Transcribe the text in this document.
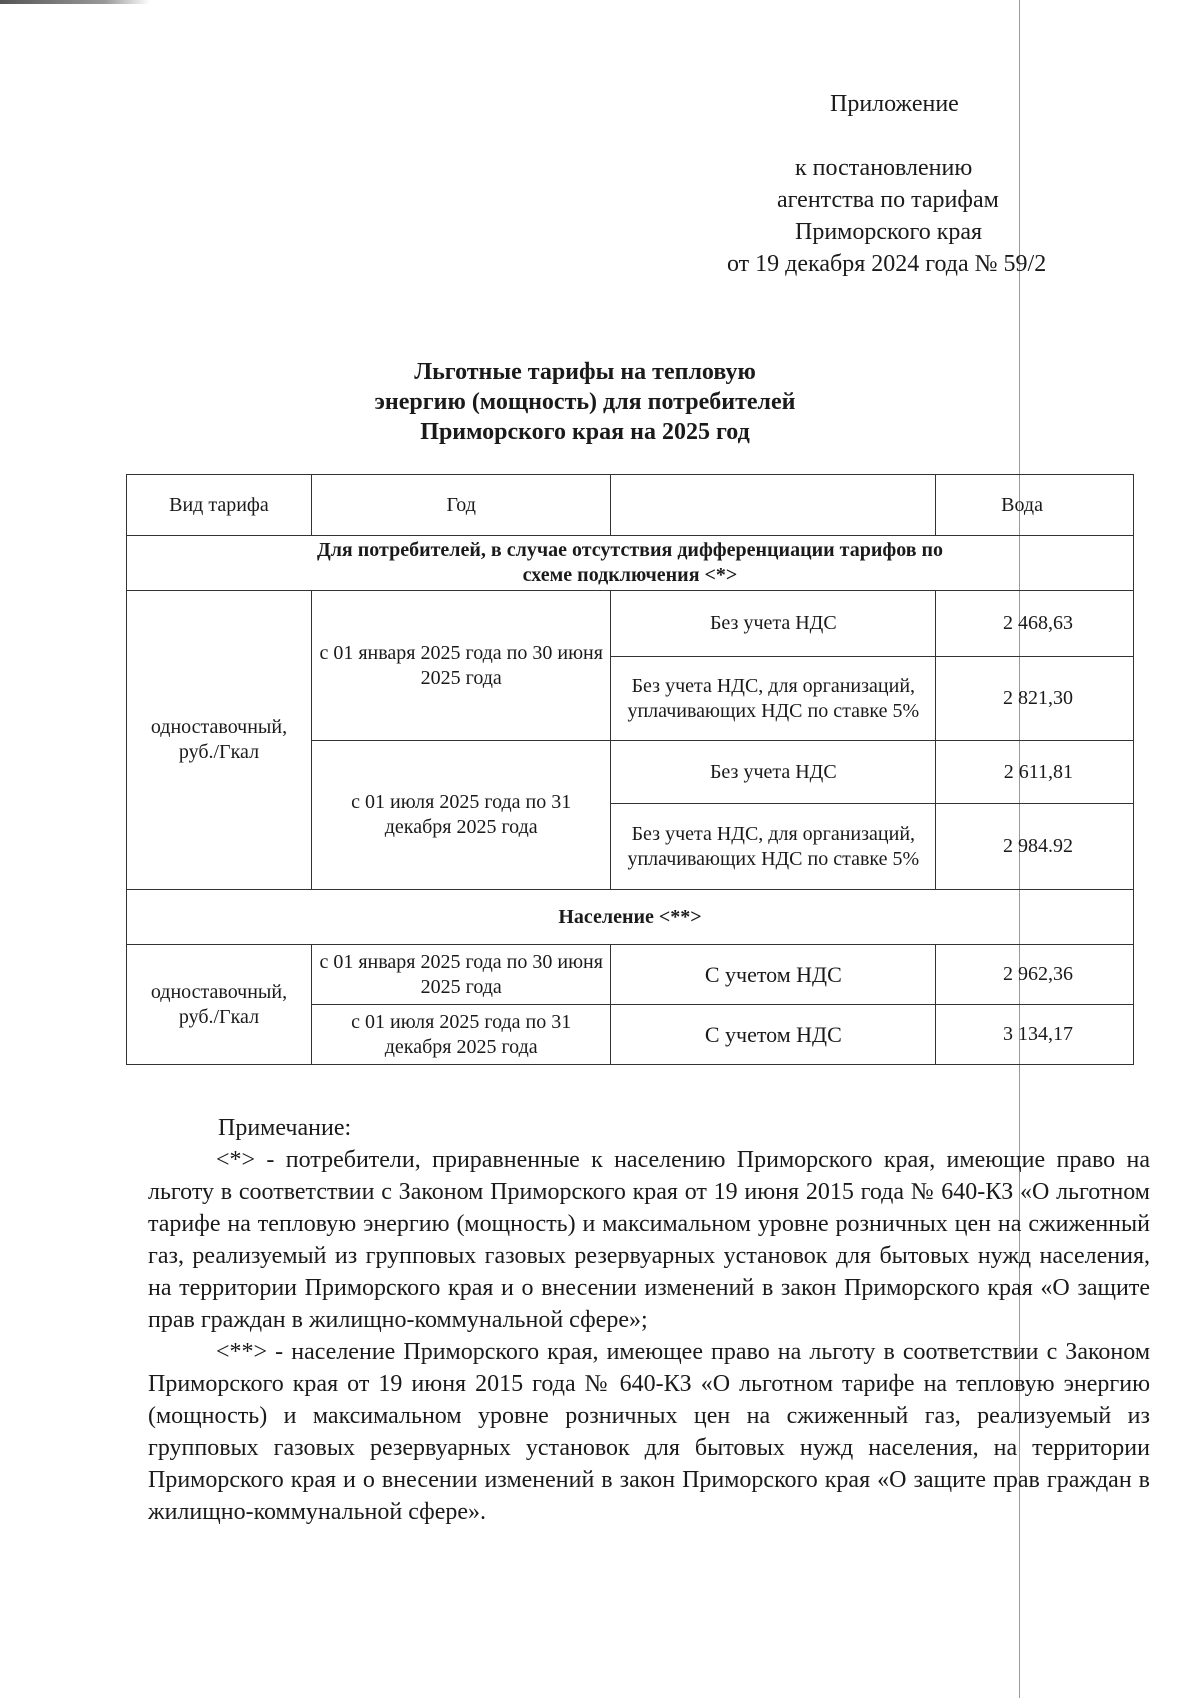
Приложение
к постановлению
агентства по тарифам
Приморского края
от 19 декабря 2024 года № 59/2
Льготные тарифы на тепловую
энергию (мощность) для потребителей
Приморского края на 2025 год
Вид тарифа	Год		Вода

Для потребителей, в случае отсутствия дифференциации тарифов по схеме подключения <*>			

одноставочный, руб./Гкал	с 01 января 2025 года по 30 июня 2025 года	Без учета НДС	2 468,63
		Без учета НДС, для организаций, уплачивающих НДС по ставке 5%	2 821,30
	с 01 июля 2025 года по 31 декабря 2025 года	Без учета НДС	2 611,81
		Без учета НДС, для организаций, уплачивающих НДС по ставке 5%	2 984.92
Население <**>			
одноставочный, руб./Гкал	с 01 января 2025 года по 30 июня 2025 года	С учетом НДС	2 962,36
	с 01 июля 2025 года по 31 декабря 2025 года	С учетом НДС	3 134,17

Примечание:

<*> - потребители, приравненные к населению Приморского края, имеющие право на льготу в соответствии с Законом Приморского края от 19 июня 2015 года № 640-КЗ «О льготном тарифе на тепловую энергию (мощность) и максимальном уровне розничных цен на сжиженный газ, реализуемый из групповых газовых резервуарных установок для бытовых нужд населения, на территории Приморского края и о внесении изменений в закон Приморского края «О защите прав граждан в жилищно-коммунальной сфере»;

<**> - население Приморского края, имеющее право на льготу в соответствии с Законом Приморского края от 19 июня 2015 года № 640-КЗ «О льготном тарифе на тепловую энергию (мощность) и максимальном уровне розничных цен на сжиженный газ, реализуемый из групповых газовых резервуарных установок для бытовых нужд населения, на территории Приморского края и о внесении изменений в закон Приморского края «О защите прав граждан в жилищно-коммунальной сфере».
